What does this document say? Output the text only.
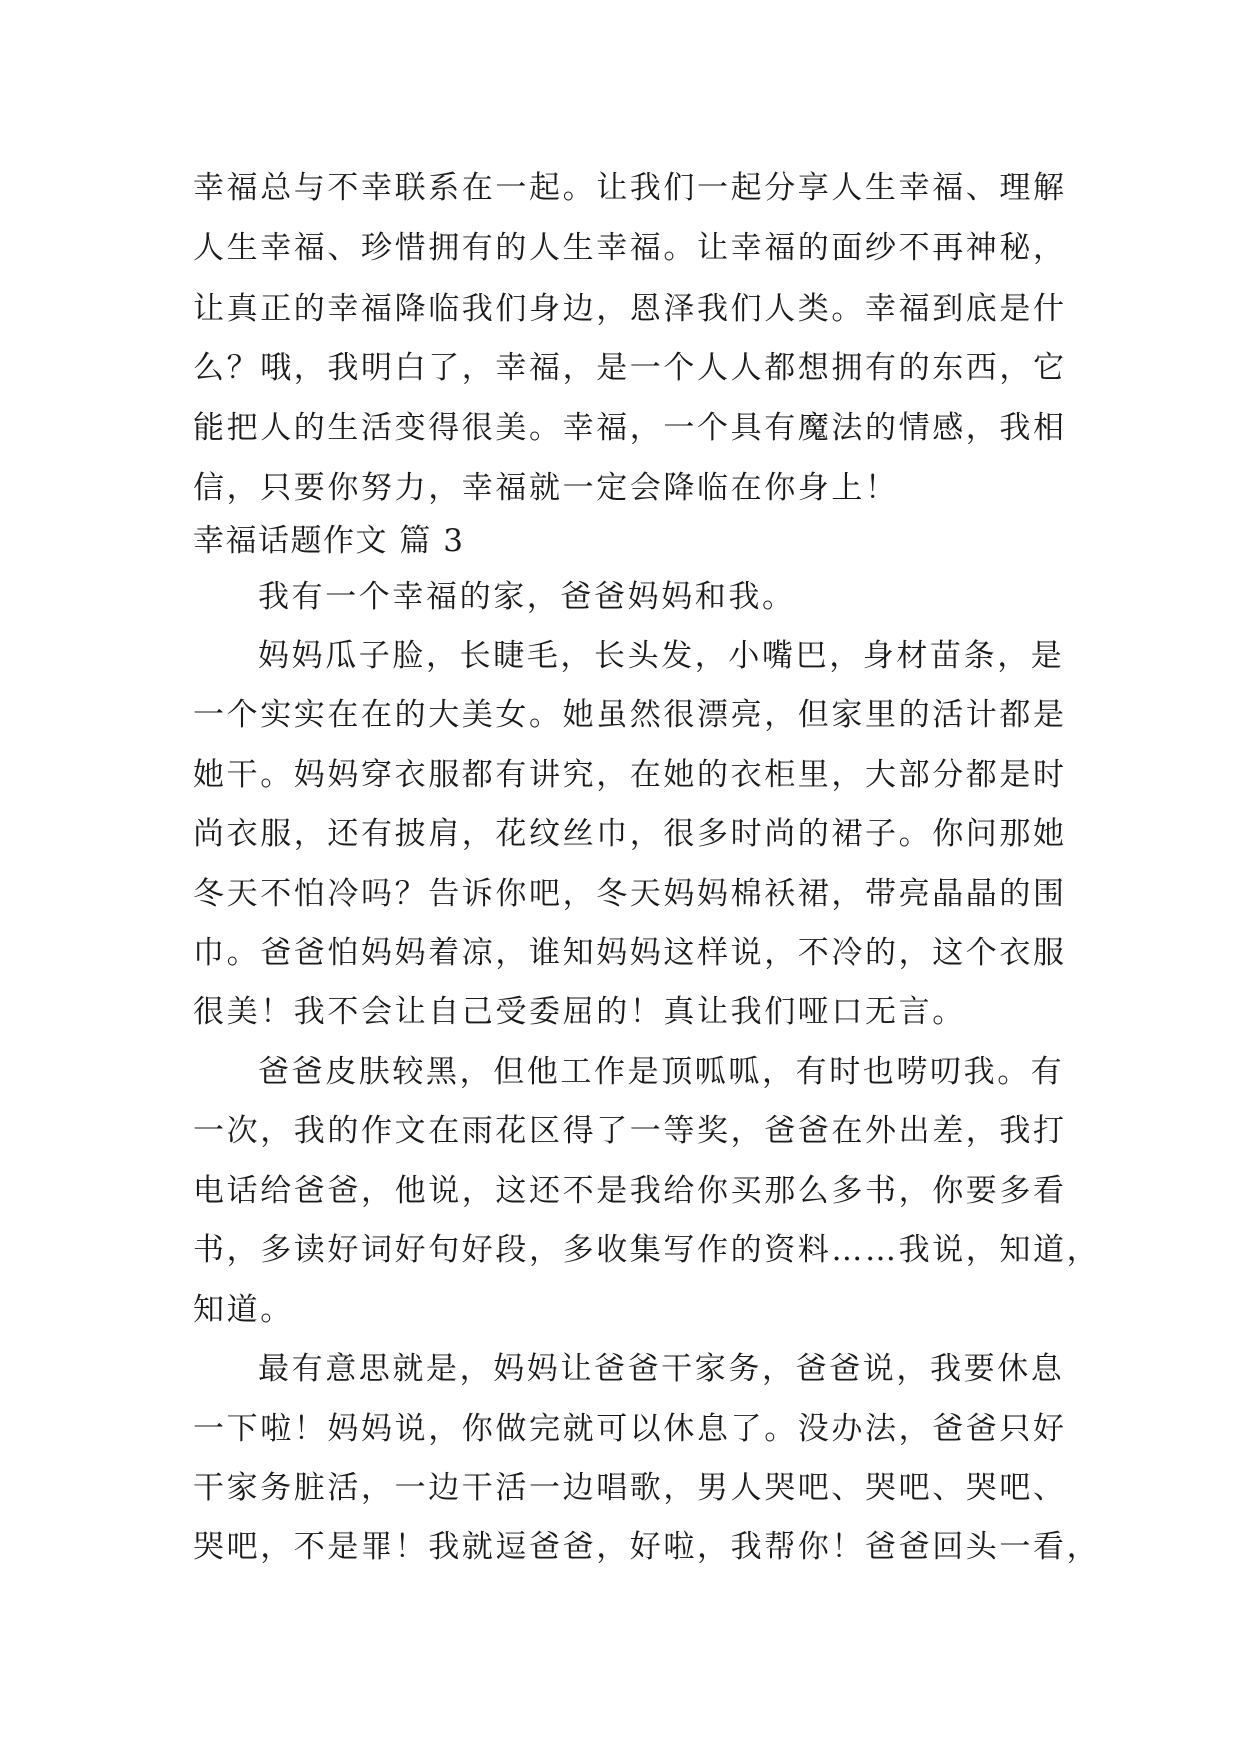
幸福总与不幸联系在一起。让我们一起分享人生幸福、理解
人生幸福、珍惜拥有的人生幸福。让幸福的面纱不再神秘，
让真正的幸福降临我们身边，恩泽我们人类。幸福到底是什
么？哦，我明白了，幸福，是一个人人都想拥有的东西，它
能把人的生活变得很美。幸福，一个具有魔法的情感，我相
信，只要你努力，幸福就一定会降临在你身上！
幸福话题作文 篇 3
我有一个幸福的家，爸爸妈妈和我。
妈妈瓜子脸，长睫毛，长头发，小嘴巴，身材苗条，是
一个实实在在的大美女。她虽然很漂亮，但家里的活计都是
她干。妈妈穿衣服都有讲究，在她的衣柜里，大部分都是时
尚衣服，还有披肩，花纹丝巾，很多时尚的裙子。你问那她
冬天不怕冷吗？告诉你吧，冬天妈妈棉袄裙，带亮晶晶的围
巾。爸爸怕妈妈着凉，谁知妈妈这样说，不冷的，这个衣服
很美！我不会让自己受委屈的！真让我们哑口无言。
爸爸皮肤较黑，但他工作是顶呱呱，有时也唠叨我。有
一次，我的作文在雨花区得了一等奖，爸爸在外出差，我打
电话给爸爸，他说，这还不是我给你买那么多书，你要多看
书，多读好词好句好段，多收集写作的资料……我说，知道，
知道。
最有意思就是，妈妈让爸爸干家务，爸爸说，我要休息
一下啦！妈妈说，你做完就可以休息了。没办法，爸爸只好
干家务脏活，一边干活一边唱歌，男人哭吧、哭吧、哭吧、
哭吧，不是罪！我就逗爸爸，好啦，我帮你！爸爸回头一看，
